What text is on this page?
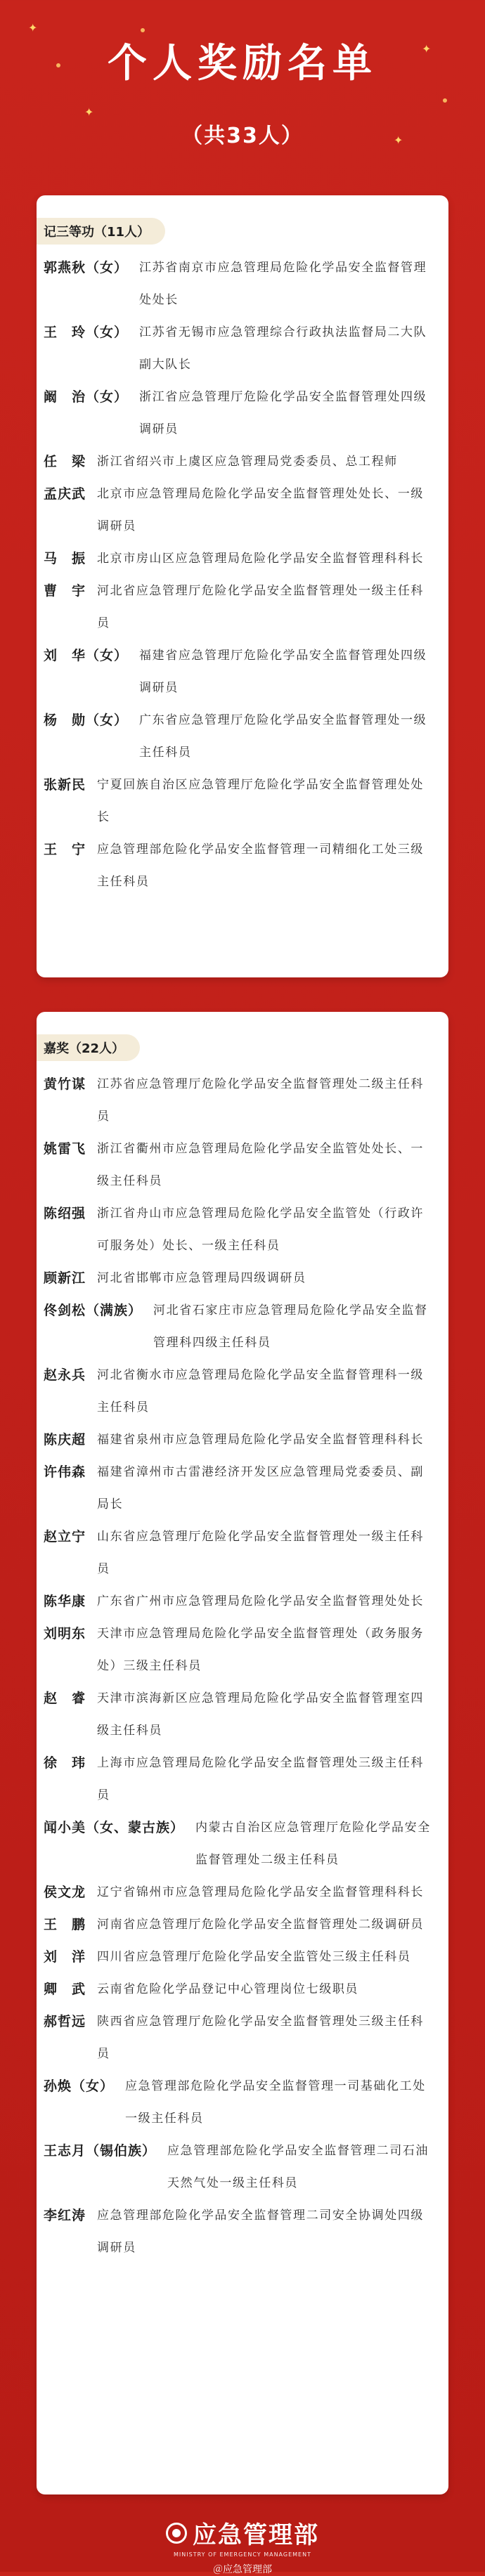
✦
✦
✦
✦
个人奖励名单
（共33人）
记三等功（11人）
郭燕秋（女） 江苏省南京市应急管理局危险化学品安全监督管理处处长
王　玲（女） 江苏省无锡市应急管理综合行政执法监督局二大队副大队长
阚　治（女） 浙江省应急管理厅危险化学品安全监督管理处四级调研员
任　梁 浙江省绍兴市上虞区应急管理局党委委员、总工程师
孟庆武 北京市应急管理局危险化学品安全监督管理处处长、一级调研员
马　振 北京市房山区应急管理局危险化学品安全监督管理科科长
曹　宇 河北省应急管理厅危险化学品安全监督管理处一级主任科员
刘　华（女） 福建省应急管理厅危险化学品安全监督管理处四级调研员
杨　勋（女） 广东省应急管理厅危险化学品安全监督管理处一级主任科员
张新民 宁夏回族自治区应急管理厅危险化学品安全监督管理处处长
王　宁 应急管理部危险化学品安全监督管理一司精细化工处三级主任科员
嘉奖（22人）
黄竹谋 江苏省应急管理厅危险化学品安全监督管理处二级主任科员
姚雷飞 浙江省衢州市应急管理局危险化学品安全监管处处长、一级主任科员
陈绍强 浙江省舟山市应急管理局危险化学品安全监管处（行政许可服务处）处长、一级主任科员
顾新江 河北省邯郸市应急管理局四级调研员
佟剑松（满族） 河北省石家庄市应急管理局危险化学品安全监督管理科四级主任科员
赵永兵 河北省衡水市应急管理局危险化学品安全监督管理科一级主任科员
陈庆超 福建省泉州市应急管理局危险化学品安全监督管理科科长
许伟森 福建省漳州市古雷港经济开发区应急管理局党委委员、副局长
赵立宁 山东省应急管理厅危险化学品安全监督管理处一级主任科员
陈华康 广东省广州市应急管理局危险化学品安全监督管理处处长
刘明东 天津市应急管理局危险化学品安全监督管理处（政务服务处）三级主任科员
赵　睿 天津市滨海新区应急管理局危险化学品安全监督管理室四级主任科员
徐　玮 上海市应急管理局危险化学品安全监督管理处三级主任科员
闻小美（女、蒙古族） 内蒙古自治区应急管理厅危险化学品安全监督管理处二级主任科员
侯文龙 辽宁省锦州市应急管理局危险化学品安全监督管理科科长
王　鹏 河南省应急管理厅危险化学品安全监督管理处二级调研员
刘　洋 四川省应急管理厅危险化学品安全监管处三级主任科员
卿　武 云南省危险化学品登记中心管理岗位七级职员
郝哲远 陕西省应急管理厅危险化学品安全监督管理处三级主任科员
孙焕（女） 应急管理部危险化学品安全监督管理一司基础化工处一级主任科员
王志月（锡伯族） 应急管理部危险化学品安全监督管理二司石油天然气处一级主任科员
李红涛 应急管理部危险化学品安全监督管理二司安全协调处四级调研员
应急管理部
MINISTRY OF EMERGENCY MANAGEMENT
＠应急管理部
